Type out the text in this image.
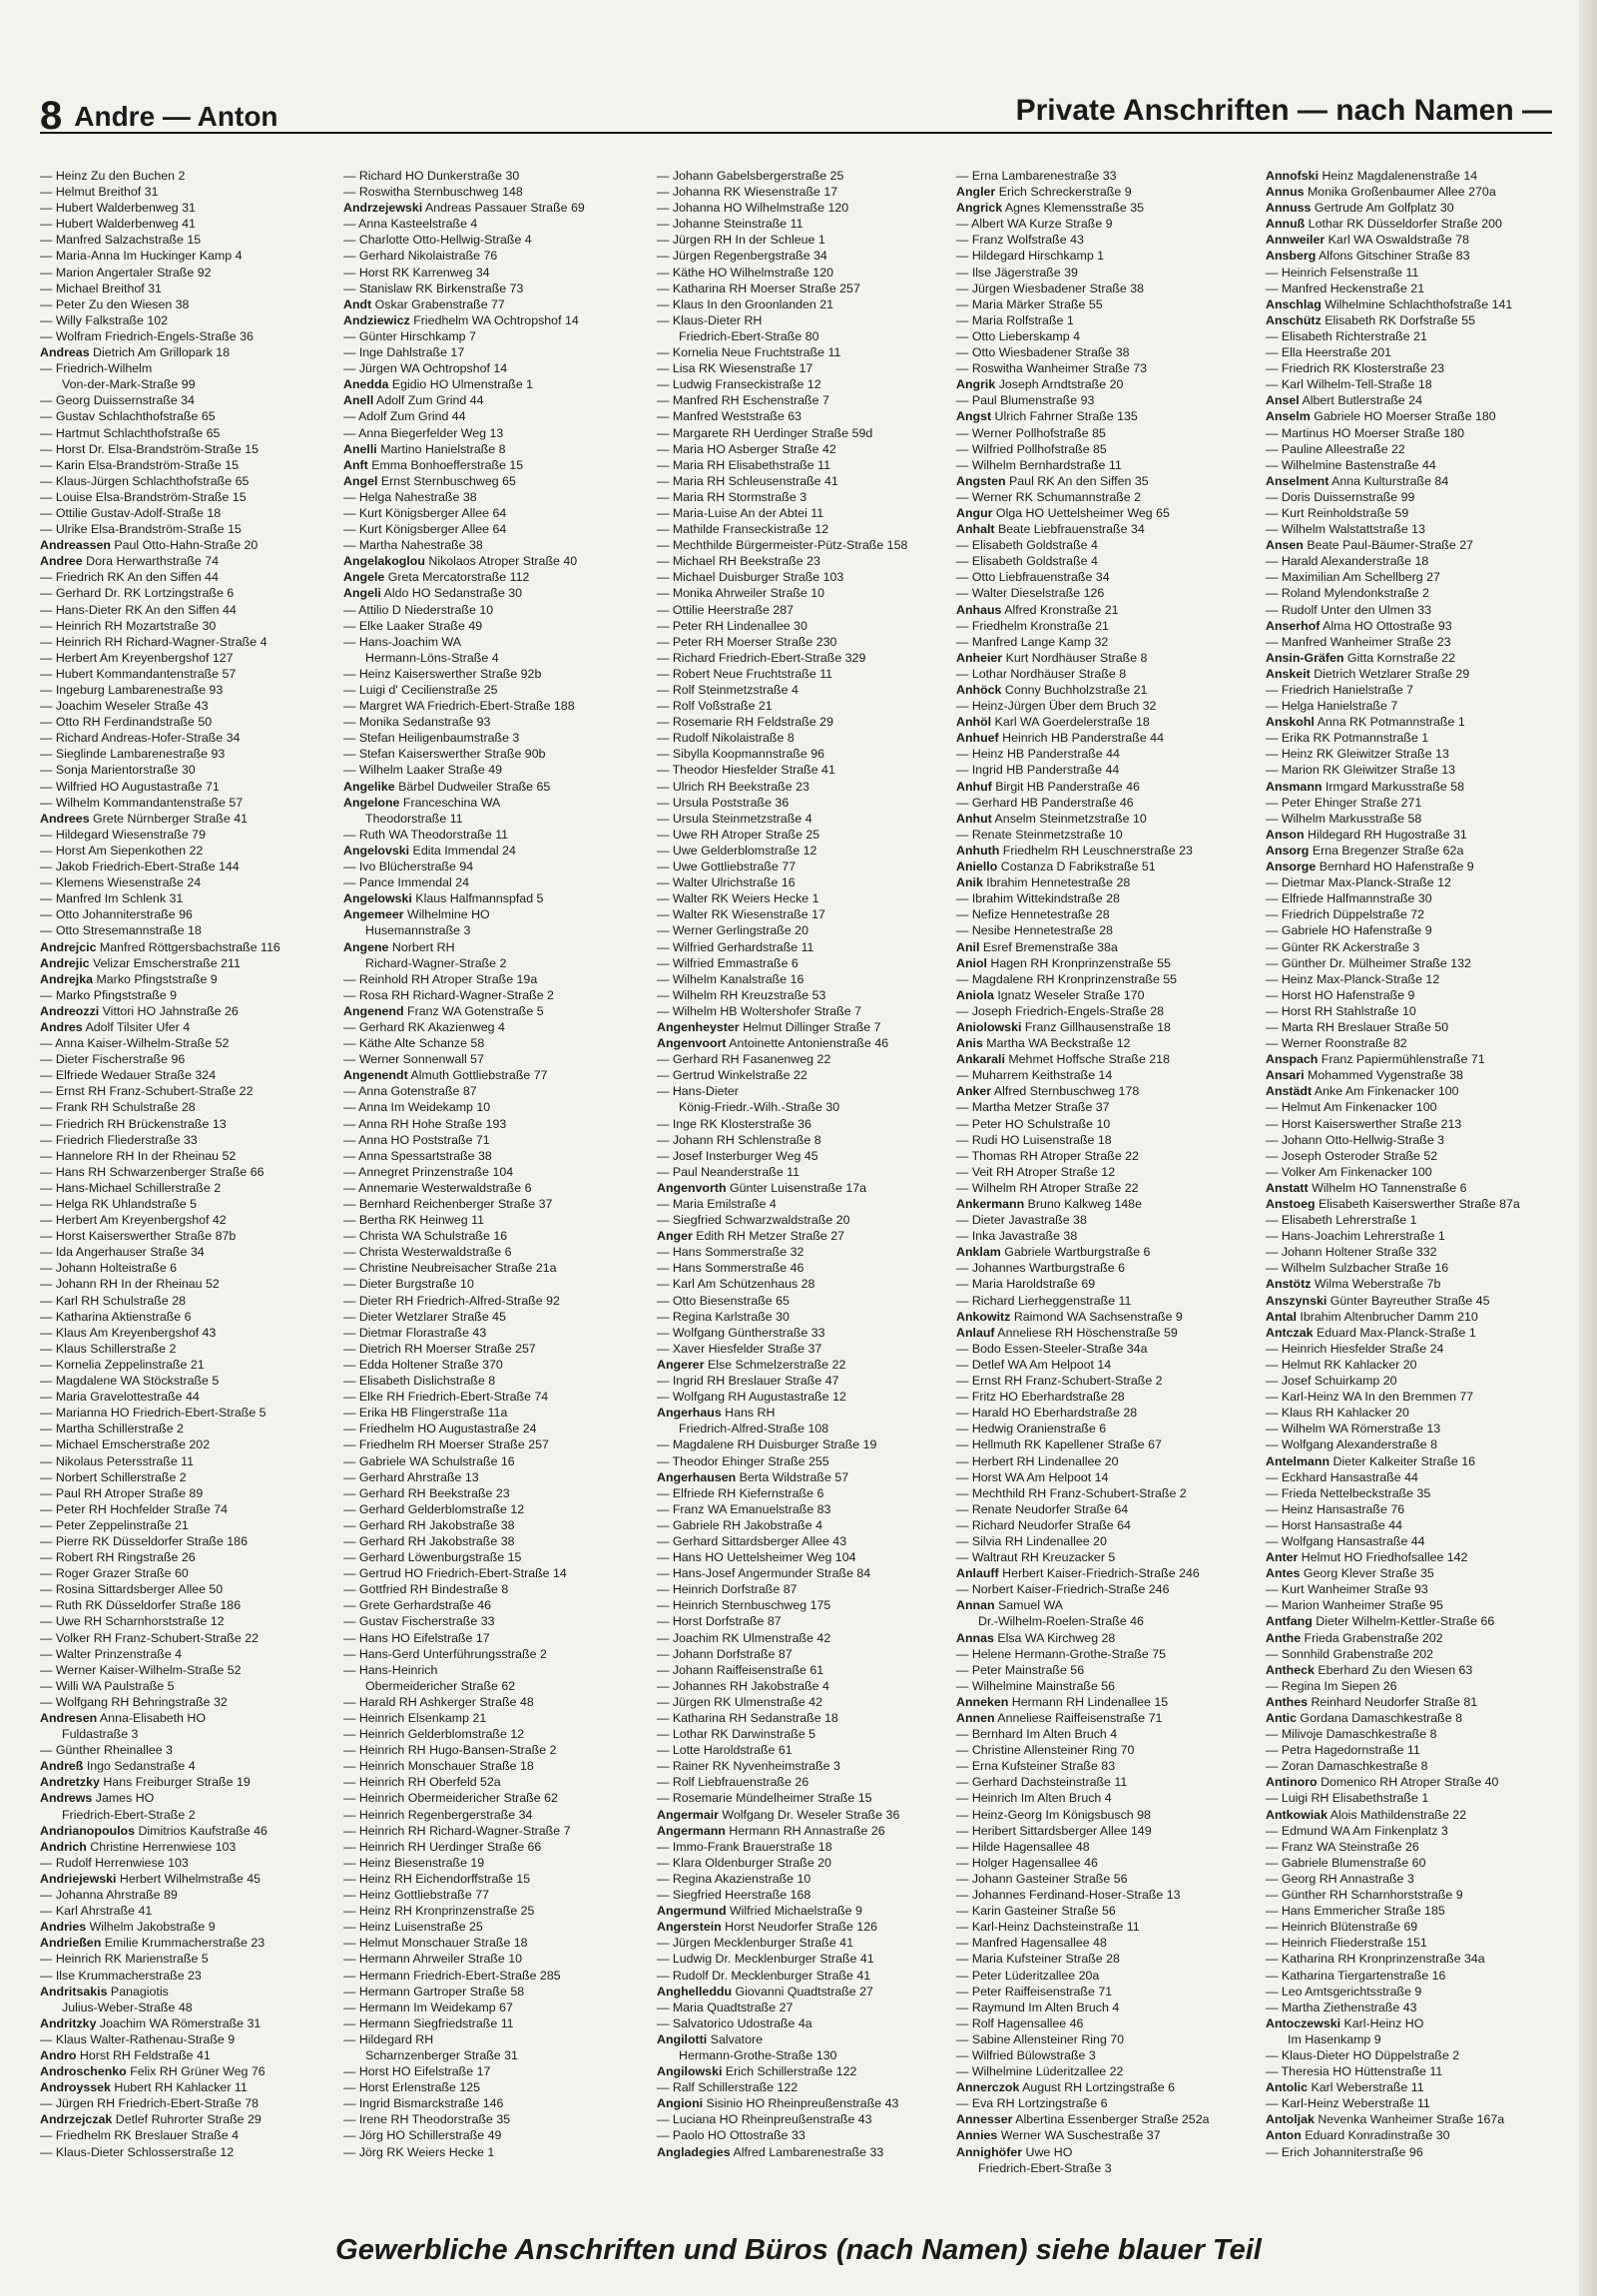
8 Andre — Anton	Private Anschriften — nach Namen —
— Heinz Zu den Buchen 2
— Helmut Breithof 31
— Hubert Walderbenweg 31
— Hubert Walderbenweg 41
— Manfred Salzachstraße 15
— Maria-Anna Im Huckinger Kamp 4
— Marion Angertaler Straße 92
— Michael Breithof 31
— Peter Zu den Wiesen 38
— Willy Falkstraße 102
— Wolfram Friedrich-Engels-Straße 36
Andreas Dietrich Am Grillopark 18
— Friedrich-Wilhelm
Von-der-Mark-Straße 99
— Georg Duissernstraße 34
— Gustav Schlachthofstraße 65
— Hartmut Schlachthofstraße 65
— Horst Dr. Elsa-Brandström-Straße 15
— Karin Elsa-Brandström-Straße 15
— Klaus-Jürgen Schlachthofstraße 65
— Louise Elsa-Brandström-Straße 15
— Ottilie Gustav-Adolf-Straße 18
— Ulrike Elsa-Brandström-Straße 15
Andreassen Paul Otto-Hahn-Straße 20
Andree Dora Herwarthstraße 74
— Friedrich RK An den Siffen 44
— Gerhard Dr. RK Lortzingstraße 6
— Hans-Dieter RK An den Siffen 44
— Heinrich RH Mozartstraße 30
— Heinrich RH Richard-Wagner-Straße 4
— Herbert Am Kreyenbergshof 127
— Hubert Kommandantenstraße 57
— Ingeburg Lambarenestraße 93
— Joachim Weseler Straße 43
— Otto RH Ferdinandstraße 50
— Richard Andreas-Hofer-Straße 34
— Sieglinde Lambarenestraße 93
— Sonja Marientorstraße 30
— Wilfried HO Augustastraße 71
— Wilhelm Kommandantenstraße 57
Andrees Grete Nürnberger Straße 41
— Hildegard Wiesenstraße 79
— Horst Am Siepenkothen 22
— Jakob Friedrich-Ebert-Straße 144
— Klemens Wiesenstraße 24
— Manfred Im Schlenk 31
— Otto Johanniterstraße 96
— Otto Stresemannstraße 18
Andrejcic Manfred Röttgersbachstraße 116
Andrejic Velizar Emscherstraße 211
Andrejka Marko Pfingststraße 9
— Marko Pfingststraße 9
Andreozzi Vittori HO Jahnstraße 26
Andres Adolf Tilsiter Ufer 4
— Anna Kaiser-Wilhelm-Straße 52
— Dieter Fischerstraße 96
— Elfriede Wedauer Straße 324
— Ernst RH Franz-Schubert-Straße 22
— Frank RH Schulstraße 28
— Friedrich RH Brückenstraße 13
— Friedrich Fliederstraße 33
— Hannelore RH In der Rheinau 52
— Hans RH Schwarzenberger Straße 66
— Hans-Michael Schillerstraße 2
— Helga RK Uhlandstraße 5
— Herbert Am Kreyenbergshof 42
— Horst Kaiserswerther Straße 87b
— Ida Angerhauser Straße 34
— Johann Holteistraße 6
— Johann RH In der Rheinau 52
— Karl RH Schulstraße 28
— Katharina Aktienstraße 6
— Klaus Am Kreyenbergshof 43
— Klaus Schillerstraße 2
— Kornelia Zeppelinstraße 21
— Magdalene WA Stöckstraße 5
— Maria Gravelottestraße 44
— Marianna HO Friedrich-Ebert-Straße 5
— Martha Schillerstraße 2
— Michael Emscherstraße 202
— Nikolaus Petersstraße 11
— Norbert Schillerstraße 2
— Paul RH Atroper Straße 89
— Peter RH Hochfelder Straße 74
— Peter Zeppelinstraße 21
— Pierre RK Düsseldorfer Straße 186
— Robert RH Ringstraße 26
— Roger Grazer Straße 60
— Rosina Sittardsberger Allee 50
— Ruth RK Düsseldorfer Straße 186
— Uwe RH Scharnhorststraße 12
— Volker RH Franz-Schubert-Straße 22
— Walter Prinzenstraße 4
— Werner Kaiser-Wilhelm-Straße 52
— Willi WA Paulstraße 5
— Wolfgang RH Behringstraße 32
Andresen Anna-Elisabeth HO
Fuldastraße 3
— Günther Rheinallee 3
Andreß Ingo Sedanstraße 4
Andretzky Hans Freiburger Straße 19
Andrews James HO
Friedrich-Ebert-Straße 2
Andrianopoulos Dimitrios Kaufstraße 46
Andrich Christine Herrenwiese 103
— Rudolf Herrenwiese 103
Andriejewski Herbert Wilhelmstraße 45
— Johanna Ahrstraße 89
— Karl Ahrstraße 41
Andries Wilhelm Jakobstraße 9
Andrießen Emilie Krummacherstraße 23
— Heinrich RK Marienstraße 5
— Ilse Krummacherstraße 23
Andritsakis Panagiotis
Julius-Weber-Straße 48
Andritzky Joachim WA Römerstraße 31
— Klaus Walter-Rathenau-Straße 9
Andro Horst RH Feldstraße 41
Androschenko Felix RH Grüner Weg 76
Androyssek Hubert RH Kahlacker 11
— Jürgen RH Friedrich-Ebert-Straße 78
Andrzejczak Detlef Ruhrorter Straße 29
— Friedhelm RK Breslauer Straße 4
— Klaus-Dieter Schlosserstraße 12
— Richard HO Dunkerstraße 30
— Roswitha Sternbuschweg 148
Andrzejewski Andreas Passauer Straße 69
— Anna Kasteelstraße 4
— Charlotte Otto-Hellwig-Straße 4
— Gerhard Nikolaistraße 76
— Horst RK Karrenweg 34
— Stanislaw RK Birkenstraße 73
Andt Oskar Grabenstraße 77
Andziewicz Friedhelm WA Ochtropshof 14
— Günter Hirschkamp 7
— Inge Dahlstraße 17
— Jürgen WA Ochtropshof 14
Anedda Egidio HO Ulmenstraße 1
Anell Adolf Zum Grind 44
— Adolf Zum Grind 44
— Anna Biegerfelder Weg 13
Anelli Martino Hanielstraße 8
Anft Emma Bonhoefferstraße 15
Angel Ernst Sternbuschweg 65
— Helga Nahestraße 38
— Kurt Königsberger Allee 64
— Kurt Königsberger Allee 64
— Martha Nahestraße 38
Angelakoglou Nikolaos Atroper Straße 40
Angele Greta Mercatorstraße 112
Angeli Aldo HO Sedanstraße 30
— Attilio D Niederstraße 10
— Elke Laaker Straße 49
— Hans-Joachim WA
Hermann-Löns-Straße 4
— Heinz Kaiserswerther Straße 92b
— Luigi d' Cecilienstraße 25
— Margret WA Friedrich-Ebert-Straße 188
— Monika Sedanstraße 93
— Stefan Heiligenbaumstraße 3
— Stefan Kaiserswerther Straße 90b
— Wilhelm Laaker Straße 49
Angelike Bärbel Dudweiler Straße 65
Angelone Franceschina WA
Theodorstraße 11
— Ruth WA Theodorstraße 11
Angelovski Edita Immendal 24
— Ivo Blücherstraße 94
— Pance Immendal 24
Angelowski Klaus Halfmannspfad 5
Angemeer Wilhelmine HO
Husemannstraße 3
Angene Norbert RH
Richard-Wagner-Straße 2
— Reinhold RH Atroper Straße 19a
— Rosa RH Richard-Wagner-Straße 2
Angenend Franz WA Gotenstraße 5
— Gerhard RK Akazienweg 4
— Käthe Alte Schanze 58
— Werner Sonnenwall 57
Angenendt Almuth Gottliebstraße 77
— Anna Gotenstraße 87
— Anna Im Weidekamp 10
— Anna RH Hohe Straße 193
— Anna HO Poststraße 71
— Anna Spessartstraße 38
— Annegret Prinzenstraße 104
— Annemarie Westerwaldstraße 6
— Bernhard Reichenberger Straße 37
— Bertha RK Heinweg 11
— Christa WA Schulstraße 16
— Christa Westerwaldstraße 6
— Christine Neubreisacher Straße 21a
— Dieter Burgstraße 10
— Dieter RH Friedrich-Alfred-Straße 92
— Dieter Wetzlarer Straße 45
— Dietmar Florastraße 43
— Dietrich RH Moerser Straße 257
— Edda Holtener Straße 370
— Elisabeth Dislichstraße 8
— Elke RH Friedrich-Ebert-Straße 74
— Erika HB Flingerstraße 11a
— Friedhelm HO Augustastraße 24
— Friedhelm RH Moerser Straße 257
— Gabriele WA Schulstraße 16
— Gerhard Ahrstraße 13
— Gerhard RH Beekstraße 23
— Gerhard Gelderblomstraße 12
— Gerhard RH Jakobstraße 38
— Gerhard RH Jakobstraße 38
— Gerhard Löwenburgstraße 15
— Gertrud HO Friedrich-Ebert-Straße 14
— Gottfried RH Bindestraße 8
— Grete Gerhardstraße 46
— Gustav Fischerstraße 33
— Hans HO Eifelstraße 17
— Hans-Gerd Unterführungsstraße 2
— Hans-Heinrich
Obermeidericher Straße 62
— Harald RH Ashkerger Straße 48
— Heinrich Elsenkamp 21
— Heinrich Gelderblomstraße 12
— Heinrich RH Hugo-Bansen-Straße 2
— Heinrich Monschauer Straße 18
— Heinrich RH Oberfeld 52a
— Heinrich Obermeidericher Straße 62
— Heinrich Regenbergerstraße 34
— Heinrich RH Richard-Wagner-Straße 7
— Heinrich RH Uerdinger Straße 66
— Heinz Biesenstraße 19
— Heinz RH Eichendorffstraße 15
— Heinz Gottliebstraße 77
— Heinz RH Kronprinzenstraße 25
— Heinz Luisenstraße 25
— Helmut Monschauer Straße 18
— Hermann Ahrweiler Straße 10
— Hermann Friedrich-Ebert-Straße 285
— Hermann Gartroper Straße 58
— Hermann Im Weidekamp 67
— Hermann Siegfriedstraße 11
— Hildegard RH
Scharnzenberger Straße 31
— Horst HO Eifelstraße 17
— Horst Erlenstraße 125
— Ingrid Bismarckstraße 146
— Irene RH Theodorstraße 35
— Jörg HO Schillerstraße 49
— Jörg RK Weiers Hecke 1
— Johann Gabelsbergerstraße 25
— Johanna RK Wiesenstraße 17
— Johanna HO Wilhelmstraße 120
— Johanne Steinstraße 11
— Jürgen RH In der Schleue 1
— Jürgen Regenbergstraße 34
— Käthe HO Wilhelmstraße 120
— Katharina RH Moerser Straße 257
— Klaus In den Groonlanden 21
— Klaus-Dieter RH
Friedrich-Ebert-Straße 80
— Kornelia Neue Fruchtstraße 11
— Lisa RK Wiesenstraße 17
— Ludwig Franseckistraße 12
— Manfred RH Eschenstraße 7
— Manfred Weststraße 63
— Margarete RH Uerdinger Straße 59d
— Maria HO Asberger Straße 42
— Maria RH Elisabethstraße 11
— Maria RH Schleusenstraße 41
— Maria RH Stormstraße 3
— Maria-Luise An der Abtei 11
— Mathilde Franseckistraße 12
— Mechthilde Bürgermeister-Pütz-Straße 158
— Michael RH Beekstraße 23
— Michael Duisburger Straße 103
— Monika Ahrweiler Straße 10
— Ottilie Heerstraße 287
— Peter RH Lindenallee 30
— Peter RH Moerser Straße 230
— Richard Friedrich-Ebert-Straße 329
— Robert Neue Fruchtstraße 11
— Rolf Steinmetzstraße 4
— Rolf Voßstraße 21
— Rosemarie RH Feldstraße 29
— Rudolf Nikolaistraße 8
— Sibylla Koopmannstraße 96
— Theodor Hiesfelder Straße 41
— Ulrich RH Beekstraße 23
— Ursula Poststraße 36
— Ursula Steinmetzstraße 4
— Uwe RH Atroper Straße 25
— Uwe Gelderblomstraße 12
— Uwe Gottliebstraße 77
— Walter Ulrichstraße 16
— Walter RK Weiers Hecke 1
— Walter RK Wiesenstraße 17
— Werner Gerlingstraße 20
— Wilfried Gerhardstraße 11
— Wilfried Emmastraße 6
— Wilhelm Kanalstraße 16
— Wilhelm RH Kreuzstraße 53
— Wilhelm HB Woltershofer Straße 7
Angenheyster Helmut Dillinger Straße 7
Angenvoort Antoinette Antonienstraße 46
— Gerhard RH Fasanenweg 22
— Gertrud Winkelstraße 22
— Hans-Dieter
König-Friedr.-Wilh.-Straße 30
— Inge RK Klosterstraße 36
— Johann RH Schlenstraße 8
— Josef Insterburger Weg 45
— Paul Neanderstraße 11
Angenvorth Günter Luisenstraße 17a
— Maria Emilstraße 4
— Siegfried Schwarzwaldstraße 20
Anger Edith RH Metzer Straße 27
— Hans Sommerstraße 32
— Hans Sommerstraße 46
— Karl Am Schützenhaus 28
— Otto Biesenstraße 65
— Regina Karlstraße 30
— Wolfgang Güntherstraße 33
— Xaver Hiesfelder Straße 37
Angerer Else Schmelzerstraße 22
— Ingrid RH Breslauer Straße 47
— Wolfgang RH Augustastraße 12
Angerhaus Hans RH
Friedrich-Alfred-Straße 108
— Magdalene RH Duisburger Straße 19
— Theodor Ehinger Straße 255
Angerhausen Berta Wildstraße 57
— Elfriede RH Kiefernstraße 6
— Franz WA Emanuelstraße 83
— Gabriele RH Jakobstraße 4
— Gerhard Sittardsberger Allee 43
— Hans HO Uettelsheimer Weg 104
— Hans-Josef Angermunder Straße 84
— Heinrich Dorfstraße 87
— Heinrich Sternbuschweg 175
— Horst Dorfstraße 87
— Joachim RK Ulmenstraße 42
— Johann Dorfstraße 87
— Johann Raiffeisenstraße 61
— Johannes RH Jakobstraße 4
— Jürgen RK Ulmenstraße 42
— Katharina RH Sedanstraße 18
— Lothar RK Darwinstraße 5
— Lotte Haroldstraße 61
— Rainer RK Nyvenheimstraße 3
— Rolf Liebfrauenstraße 26
— Rosemarie Mündelheimer Straße 15
Angermair Wolfgang Dr. Weseler Straße 36
Angermann Hermann RH Annastraße 26
— Immo-Frank Brauerstraße 18
— Klara Oldenburger Straße 20
— Regina Akazienstraße 10
— Siegfried Heerstraße 168
Angermund Wilfried Michaelstraße 9
Angerstein Horst Neudorfer Straße 126
— Jürgen Mecklenburger Straße 41
— Ludwig Dr. Mecklenburger Straße 41
— Rudolf Dr. Mecklenburger Straße 41
Anghelleddu Giovanni Quadtstraße 27
— Maria Quadtstraße 27
— Salvatorico Udostraße 4a
Angilotti Salvatore
Hermann-Grothe-Straße 130
Angilowski Erich Schillerstraße 122
— Ralf Schillerstraße 122
Angioni Sisinio HO Rheinpreußenstraße 43
— Luciana HO Rheinpreußenstraße 43
— Paolo HO Ottostraße 33
Angladegies Alfred Lambarenestraße 33
— Erna Lambarenestraße 33
Angler Erich Schreckerstraße 9
Angrick Agnes Klemensstraße 35
— Albert WA Kurze Straße 9
— Franz Wolfstraße 43
— Hildegard Hirschkamp 1
— Ilse Jägerstraße 39
— Jürgen Wiesbadener Straße 38
— Maria Märker Straße 55
— Maria Rolfstraße 1
— Otto Lieberskamp 4
— Otto Wiesbadener Straße 38
— Roswitha Wanheimer Straße 73
Angrik Joseph Arndtstraße 20
— Paul Blumenstraße 93
Angst Ulrich Fahrner Straße 135
— Werner Pollhofstraße 85
— Wilfried Pollhofstraße 85
— Wilhelm Bernhardstraße 11
Angsten Paul RK An den Siffen 35
— Werner RK Schumannstraße 2
Angur Olga HO Uettelsheimer Weg 65
Anhalt Beate Liebfrauenstraße 34
— Elisabeth Goldstraße 4
— Elisabeth Goldstraße 4
— Otto Liebfrauenstraße 34
— Walter Dieselstraße 126
Anhaus Alfred Kronstraße 21
— Friedhelm Kronstraße 21
— Manfred Lange Kamp 32
Anheier Kurt Nordhäuser Straße 8
— Lothar Nordhäuser Straße 8
Anhöck Conny Buchholzstraße 21
— Heinz-Jürgen Über dem Bruch 32
Anhöl Karl WA Goerdelerstraße 18
Anhuef Heinrich HB Panderstraße 44
— Heinz HB Panderstraße 44
— Ingrid HB Panderstraße 44
Anhuf Birgit HB Panderstraße 46
— Gerhard HB Panderstraße 46
Anhut Anselm Steinmetzstraße 10
— Renate Steinmetzstraße 10
Anhuth Friedhelm RH Leuschnerstraße 23
Aniello Costanza D Fabrikstraße 51
Anik Ibrahim Hennetestraße 28
— Ibrahim Wittekindstraße 28
— Nefize Hennetestraße 28
— Nesibe Hennetestraße 28
Anil Esref Bremenstraße 38a
Aniol Hagen RH Kronprinzenstraße 55
— Magdalene RH Kronprinzenstraße 55
Aniola Ignatz Weseler Straße 170
— Joseph Friedrich-Engels-Straße 28
Aniolowski Franz Gillhausenstraße 18
Anis Martha WA Beckstraße 12
Ankarali Mehmet Hoffsche Straße 218
— Muharrem Keithstraße 14
Anker Alfred Sternbuschweg 178
— Martha Metzer Straße 37
— Peter HO Schulstraße 10
— Rudi HO Luisenstraße 18
— Thomas RH Atroper Straße 22
— Veit RH Atroper Straße 12
— Wilhelm RH Atroper Straße 22
Ankermann Bruno Kalkweg 148e
— Dieter Javastraße 38
— Inka Javastraße 38
Anklam Gabriele Wartburgstraße 6
— Johannes Wartburgstraße 6
— Maria Haroldstraße 69
— Richard Lierheggenstraße 11
Ankowitz Raimond WA Sachsenstraße 9
Anlauf Anneliese RH Höschenstraße 59
— Bodo Essen-Steeler-Straße 34a
— Detlef WA Am Helpoot 14
— Ernst RH Franz-Schubert-Straße 2
— Fritz HO Eberhardstraße 28
— Harald HO Eberhardstraße 28
— Hedwig Oranienstraße 6
— Hellmuth RK Kapellener Straße 67
— Herbert RH Lindenallee 20
— Horst WA Am Helpoot 14
— Mechthild RH Franz-Schubert-Straße 2
— Renate Neudorfer Straße 64
— Richard Neudorfer Straße 64
— Silvia RH Lindenallee 20
— Waltraut RH Kreuzacker 5
Anlauff Herbert Kaiser-Friedrich-Straße 246
— Norbert Kaiser-Friedrich-Straße 246
Annan Samuel WA
Dr.-Wilhelm-Roelen-Straße 46
Annas Elsa WA Kirchweg 28
— Helene Hermann-Grothe-Straße 75
— Peter Mainstraße 56
— Wilhelmine Mainstraße 56
Anneken Hermann RH Lindenallee 15
Annen Anneliese Raiffeisenstraße 71
— Bernhard Im Alten Bruch 4
— Christine Allensteiner Ring 70
— Erna Kufsteiner Straße 83
— Gerhard Dachsteinstraße 11
— Heinrich Im Alten Bruch 4
— Heinz-Georg Im Königsbusch 98
— Heribert Sittardsberger Allee 149
— Hilde Hagensallee 48
— Holger Hagensallee 46
— Johann Gasteiner Straße 56
— Johannes Ferdinand-Hoser-Straße 13
— Karin Gasteiner Straße 56
— Karl-Heinz Dachsteinstraße 11
— Manfred Hagensallee 48
— Maria Kufsteiner Straße 28
— Peter Lüderitzallee 20a
— Peter Raiffeisenstraße 71
— Raymund Im Alten Bruch 4
— Rolf Hagensallee 46
— Sabine Allensteiner Ring 70
— Wilfried Bülowstraße 3
— Wilhelmine Lüderitzallee 22
Annerczok August RH Lortzingstraße 6
— Eva RH Lortzingstraße 6
Annesser Albertina Essenberger Straße 252a
Annies Werner WA Suschestraße 37
Annighöfer Uwe HO
Friedrich-Ebert-Straße 3
Annofski Heinz Magdalenenstraße 14
Annus Monika Großenbaumer Allee 270a
Annuss Gertrude Am Golfplatz 30
Annuß Lothar RK Düsseldorfer Straße 200
Annweiler Karl WA Oswaldstraße 78
Ansberg Alfons Gitschiner Straße 83
— Heinrich Felsenstraße 11
— Manfred Heckenstraße 21
Anschlag Wilhelmine Schlachthofstraße 141
Anschütz Elisabeth RK Dorfstraße 55
— Elisabeth Richterstraße 21
— Ella Heerstraße 201
— Friedrich RK Klosterstraße 23
— Karl Wilhelm-Tell-Straße 18
Ansel Albert Butlerstraße 24
Anselm Gabriele HO Moerser Straße 180
— Martinus HO Moerser Straße 180
— Pauline Alleestraße 22
— Wilhelmine Bastenstraße 44
Anselment Anna Kulturstraße 84
— Doris Duissernstraße 99
— Kurt Reinholdstraße 59
— Wilhelm Walstattstraße 13
Ansen Beate Paul-Bäumer-Straße 27
— Harald Alexanderstraße 18
— Maximilian Am Schellberg 27
— Roland Mylendonkstraße 2
— Rudolf Unter den Ulmen 33
Anserhof Alma HO Ottostraße 93
— Manfred Wanheimer Straße 23
Ansin-Gräfen Gitta Kornstraße 22
Anskeit Dietrich Wetzlarer Straße 29
— Friedrich Hanielstraße 7
— Helga Hanielstraße 7
Anskohl Anna RK Potmannstraße 1
— Erika RK Potmannstraße 1
— Heinz RK Gleiwitzer Straße 13
— Marion RK Gleiwitzer Straße 13
Ansmann Irmgard Markusstraße 58
— Peter Ehinger Straße 271
— Wilhelm Markusstraße 58
Anson Hildegard RH Hugostraße 31
Ansorg Erna Bregenzer Straße 62a
Ansorge Bernhard HO Hafenstraße 9
— Dietmar Max-Planck-Straße 12
— Elfriede Halfmannstraße 30
— Friedrich Düppelstraße 72
— Gabriele HO Hafenstraße 9
— Günter RK Ackerstraße 3
— Günther Dr. Mülheimer Straße 132
— Heinz Max-Planck-Straße 12
— Horst HO Hafenstraße 9
— Horst RH Stahlstraße 10
— Marta RH Breslauer Straße 50
— Werner Roonstraße 82
Anspach Franz Papiermühlenstraße 71
Ansari Mohammed Vygenstraße 38
Anstädt Anke Am Finkenacker 100
— Helmut Am Finkenacker 100
— Horst Kaiserswerther Straße 213
— Johann Otto-Hellwig-Straße 3
— Joseph Osteroder Straße 52
— Volker Am Finkenacker 100
Anstatt Wilhelm HO Tannenstraße 6
Anstoeg Elisabeth Kaiserswerther Straße 87a
— Elisabeth Lehrerstraße 1
— Hans-Joachim Lehrerstraße 1
— Johann Holtener Straße 332
— Wilhelm Sulzbacher Straße 16
Anstötz Wilma Weberstraße 7b
Anszynski Günter Bayreuther Straße 45
Antal Ibrahim Altenbrucher Damm 210
Antczak Eduard Max-Planck-Straße 1
— Heinrich Hiesfelder Straße 24
— Helmut RK Kahlacker 20
— Josef Schuirkamp 20
— Karl-Heinz WA In den Bremmen 77
— Klaus RH Kahlacker 20
— Wilhelm WA Römerstraße 13
— Wolfgang Alexanderstraße 8
Antelmann Dieter Kalkeiter Straße 16
— Eckhard Hansastraße 44
— Frieda Nettelbeckstraße 35
— Heinz Hansastraße 76
— Horst Hansastraße 44
— Wolfgang Hansastraße 44
Anter Helmut HO Friedhofsallee 142
Antes Georg Klever Straße 35
— Kurt Wanheimer Straße 93
— Marion Wanheimer Straße 95
Antfang Dieter Wilhelm-Kettler-Straße 66
Anthe Frieda Grabenstraße 202
— Sonnhild Grabenstraße 202
Antheck Eberhard Zu den Wiesen 63
— Regina Im Siepen 26
Anthes Reinhard Neudorfer Straße 81
Antic Gordana Damaschkestraße 8
— Milivoje Damaschkestraße 8
— Petra Hagedornstraße 11
— Zoran Damaschkestraße 8
Antinoro Domenico RH Atroper Straße 40
— Luigi RH Elisabethstraße 1
Antkowiak Alois Mathildenstraße 22
— Edmund WA Am Finkenplatz 3
— Franz WA Steinstraße 26
— Gabriele Blumenstraße 60
— Georg RH Annastraße 3
— Günther RH Scharnhorststraße 9
— Hans Emmericher Straße 185
— Heinrich Blütenstraße 69
— Heinrich Fliederstraße 151
— Katharina RH Kronprinzenstraße 34a
— Katharina Tiergartenstraße 16
— Leo Amtsgerichtsstraße 9
— Martha Ziethenstraße 43
Antoczewski Karl-Heinz HO
Im Hasenkamp 9
— Klaus-Dieter HO Düppelstraße 2
— Theresia HO Hüttenstraße 11
Antolic Karl Weberstraße 11
— Karl-Heinz Weberstraße 11
Antoljak Nevenka Wanheimer Straße 167a
Anton Eduard Konradinstraße 30
— Erich Johanniterstraße 96
Gewerbliche Anschriften und Büros (nach Namen) siehe blauer Teil
